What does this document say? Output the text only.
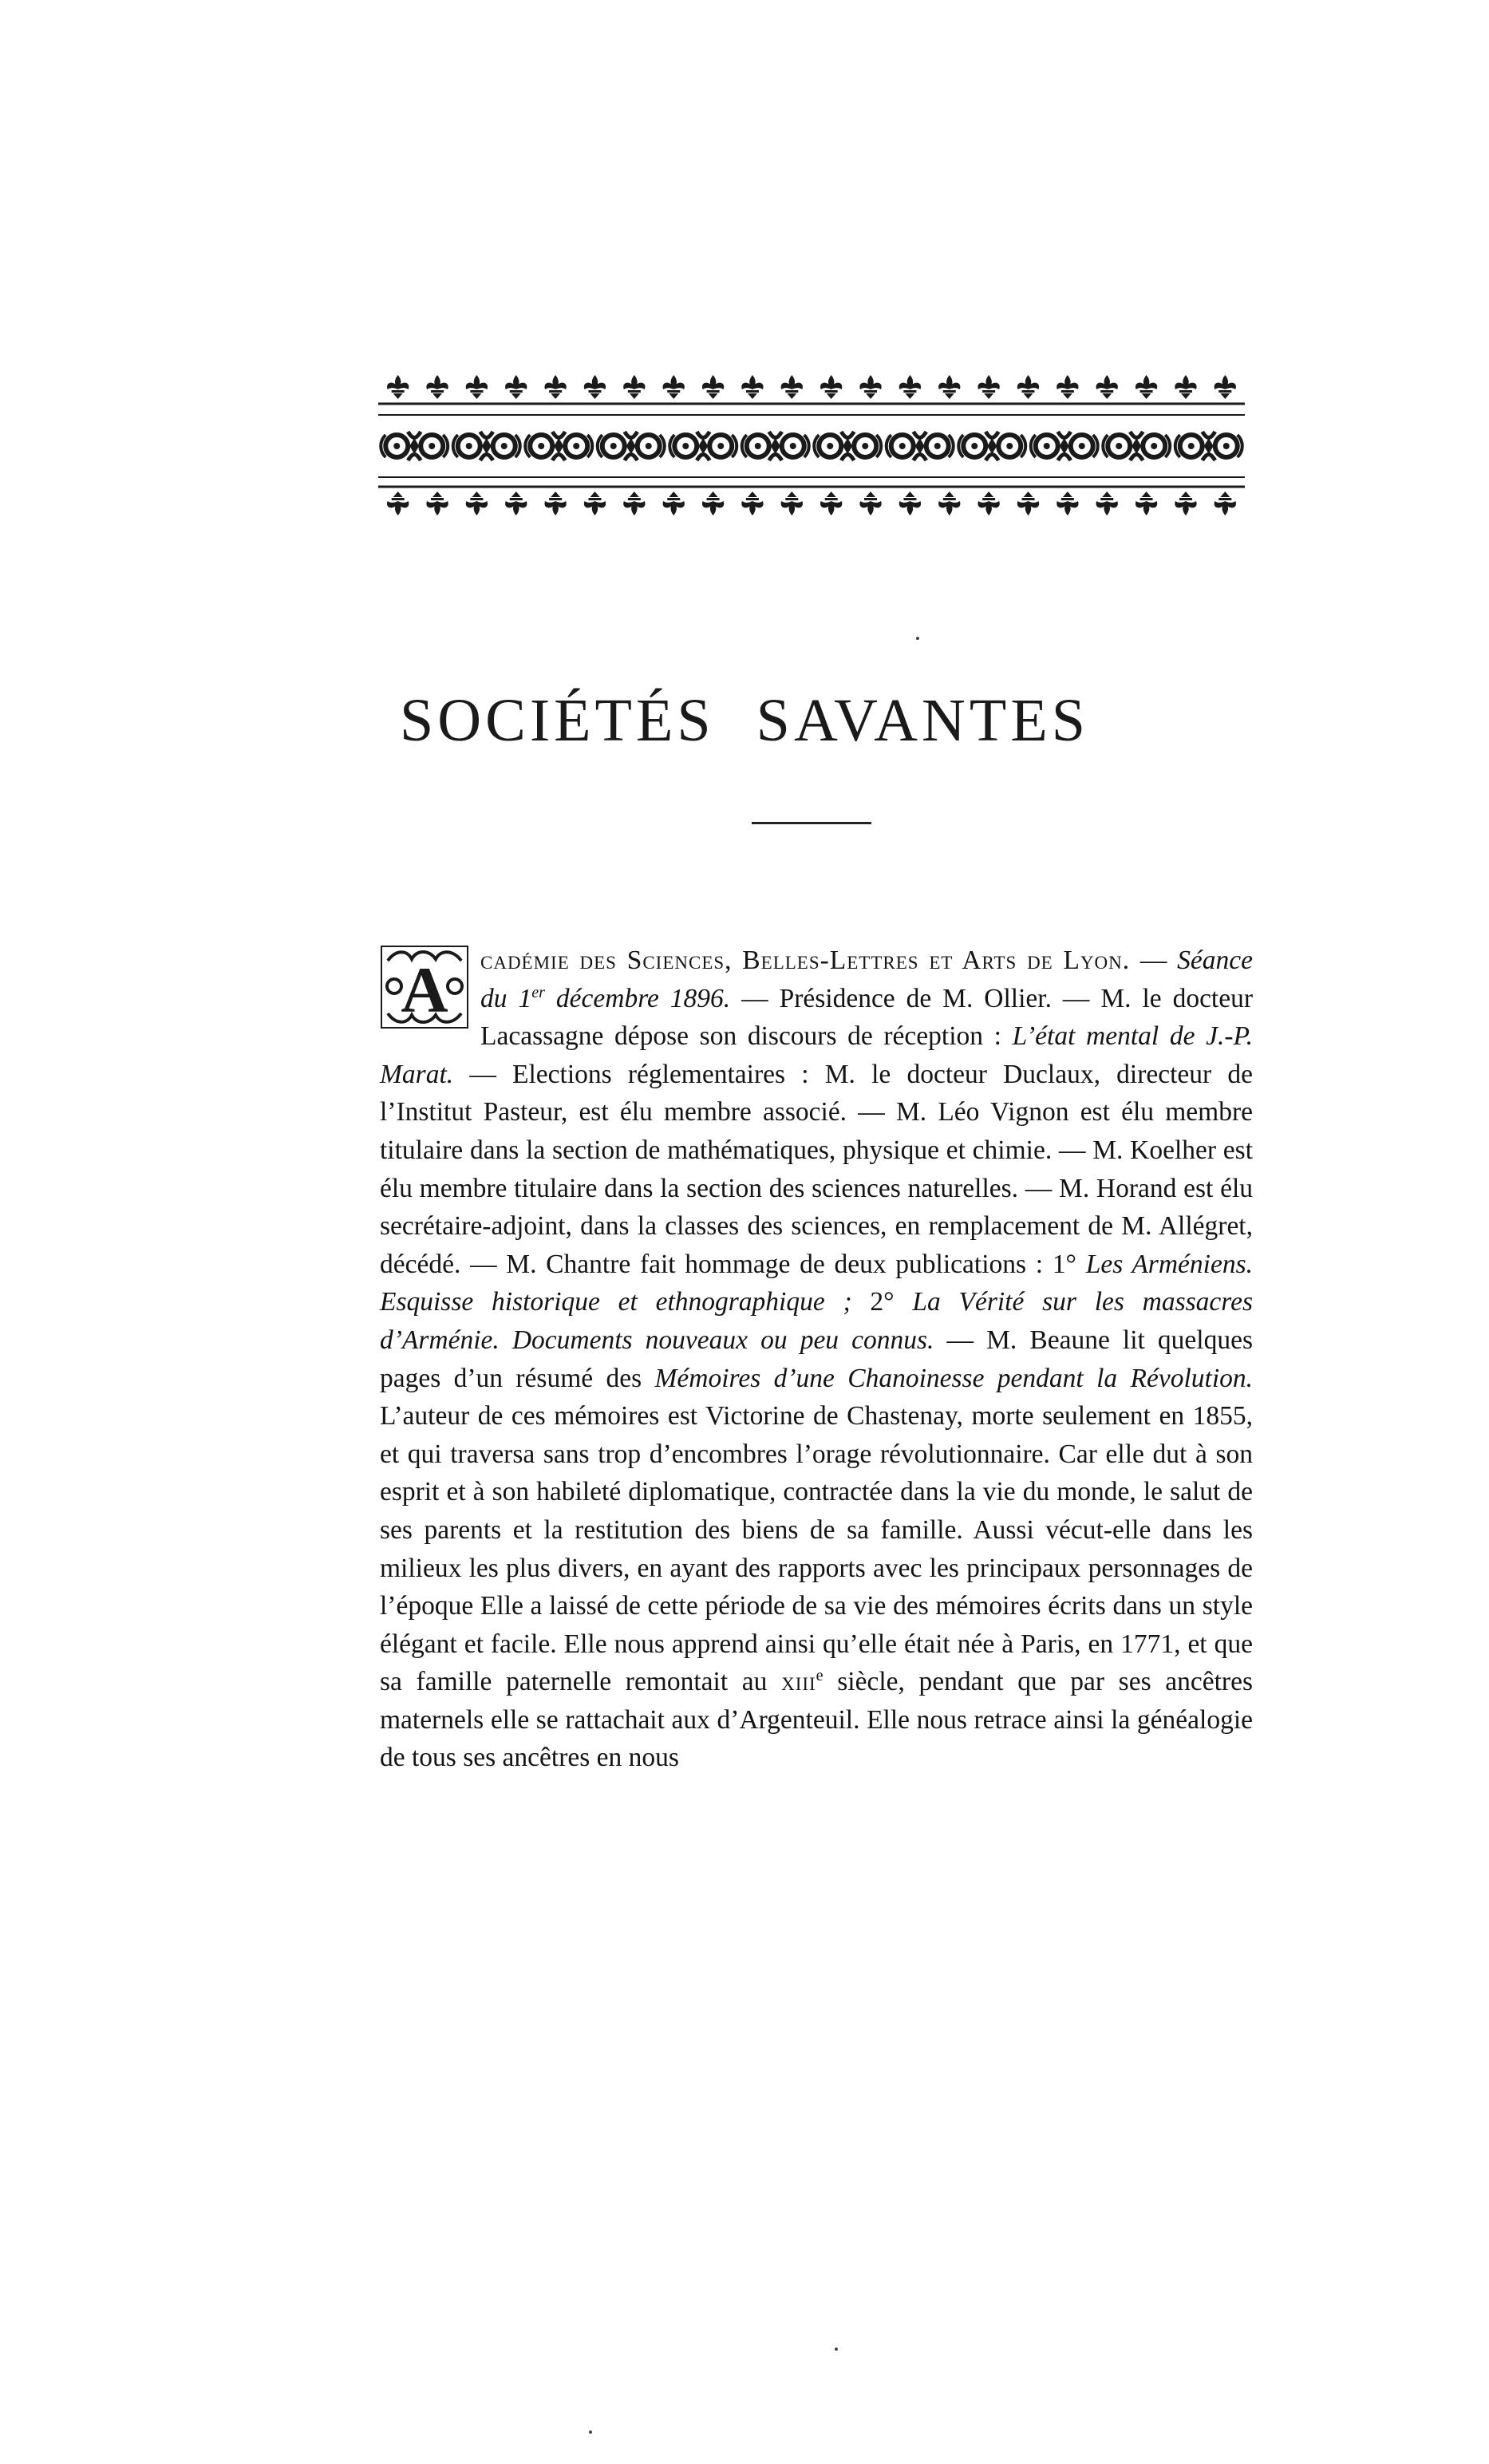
SOCIÉTÉS SAVANTES

A cadémie des Sciences, Belles-Lettres et Arts de Lyon. — Séance du 1er décembre 1896. — Présidence de M. Ollier. — M. le docteur Lacassagne dépose son discours de réception : L’état mental de J.-P. Marat. — Elections réglementaires : M. le docteur Duclaux, directeur de l’Institut Pasteur, est élu membre associé. — M. Léo Vignon est élu membre titulaire dans la section de mathématiques, physique et chimie. — M. Koelher est élu membre titulaire dans la section des sciences naturelles. — M. Horand est élu secrétaire-adjoint, dans la classes des sciences, en remplacement de M. Allégret, décédé. — M. Chantre fait hommage de deux publications : 1° Les Arméniens. Esquisse historique et ethnographique ; 2° La Vérité sur les massacres d’Arménie. Documents nouveaux ou peu connus. — M. Beaune lit quelques pages d’un résumé des Mémoires d’une Chanoinesse pendant la Révolution. L’auteur de ces mémoires est Victorine de Chastenay, morte seulement en 1855, et qui traversa sans trop d’encombres l’orage révolutionnaire. Car elle dut à son esprit et à son habileté diplomatique, contractée dans la vie du monde, le salut de ses parents et la restitution des biens de sa famille. Aussi vécut-elle dans les milieux les plus divers, en ayant des rapports avec les principaux personnages de l’époque Elle a laissé de cette période de sa vie des mémoires écrits dans un style élégant et facile. Elle nous apprend ainsi qu’elle était née à Paris, en 1771, et que sa famille paternelle remontait au xiii$^e$ siècle, pendant que par ses ancêtres maternels elle se rattachait aux d’Argenteuil. Elle nous retrace ainsi la généalogie de tous ses ancêtres en nous
